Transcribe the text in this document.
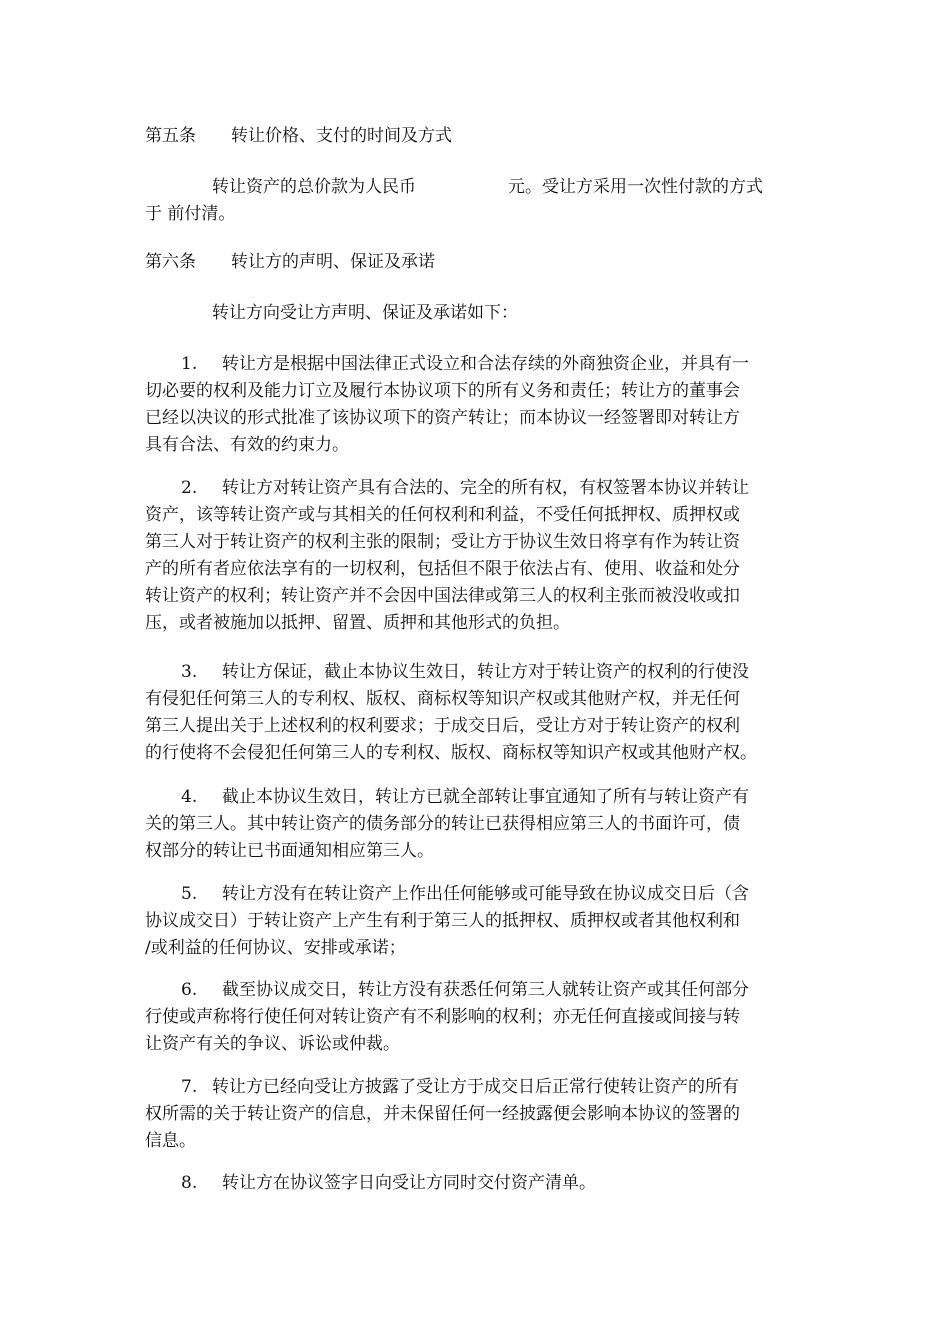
第五条 转让价格、支付的时间及方式
转让资产的总价款为人民币	元。受让方采用一次性付款的方式
于 前付清。
第六条 转让方的声明、保证及承诺
转让方向受让方声明、保证及承诺如下：
1. 转让方是根据中国法律正式设立和合法存续的外商独资企业，并具有一
切必要的权利及能力订立及履行本协议项下的所有义务和责任；转让方的董事会
已经以决议的形式批准了该协议项下的资产转让；而本协议一经签署即对转让方
具有合法、有效的约束力。
2. 转让方对转让资产具有合法的、完全的所有权，有权签署本协议并转让
资产，该等转让资产或与其相关的任何权利和利益，不受任何抵押权、质押权或
第三人对于转让资产的权利主张的限制；受让方于协议生效日将享有作为转让资
产的所有者应依法享有的一切权利，包括但不限于依法占有、使用、收益和处分
转让资产的权利；转让资产并不会因中国法律或第三人的权利主张而被没收或扣
压，或者被施加以抵押、留置、质押和其他形式的负担。
3. 转让方保证，截止本协议生效日，转让方对于转让资产的权利的行使没
有侵犯任何第三人的专利权、版权、商标权等知识产权或其他财产权，并无任何
第三人提出关于上述权利的权利要求；于成交日后，受让方对于转让资产的权利
的行使将不会侵犯任何第三人的专利权、版权、商标权等知识产权或其他财产权。
4. 截止本协议生效日，转让方已就全部转让事宜通知了所有与转让资产有
关的第三人。其中转让资产的债务部分的转让已获得相应第三人的书面许可，债
权部分的转让已书面通知相应第三人。
5. 转让方没有在转让资产上作出任何能够或可能导致在协议成交日后（含
协议成交日）于转让资产上产生有利于第三人的抵押权、质押权或者其他权利和
/或利益的任何协议、安排或承诺；
6. 截至协议成交日，转让方没有获悉任何第三人就转让资产或其任何部分
行使或声称将行使任何对转让资产有不利影响的权利；亦无任何直接或间接与转
让资产有关的争议、诉讼或仲裁。
7. 转让方已经向受让方披露了受让方于成交日后正常行使转让资产的所有
权所需的关于转让资产的信息，并未保留任何一经披露便会影响本协议的签署的
信息。
8. 转让方在协议签字日向受让方同时交付资产清单。
